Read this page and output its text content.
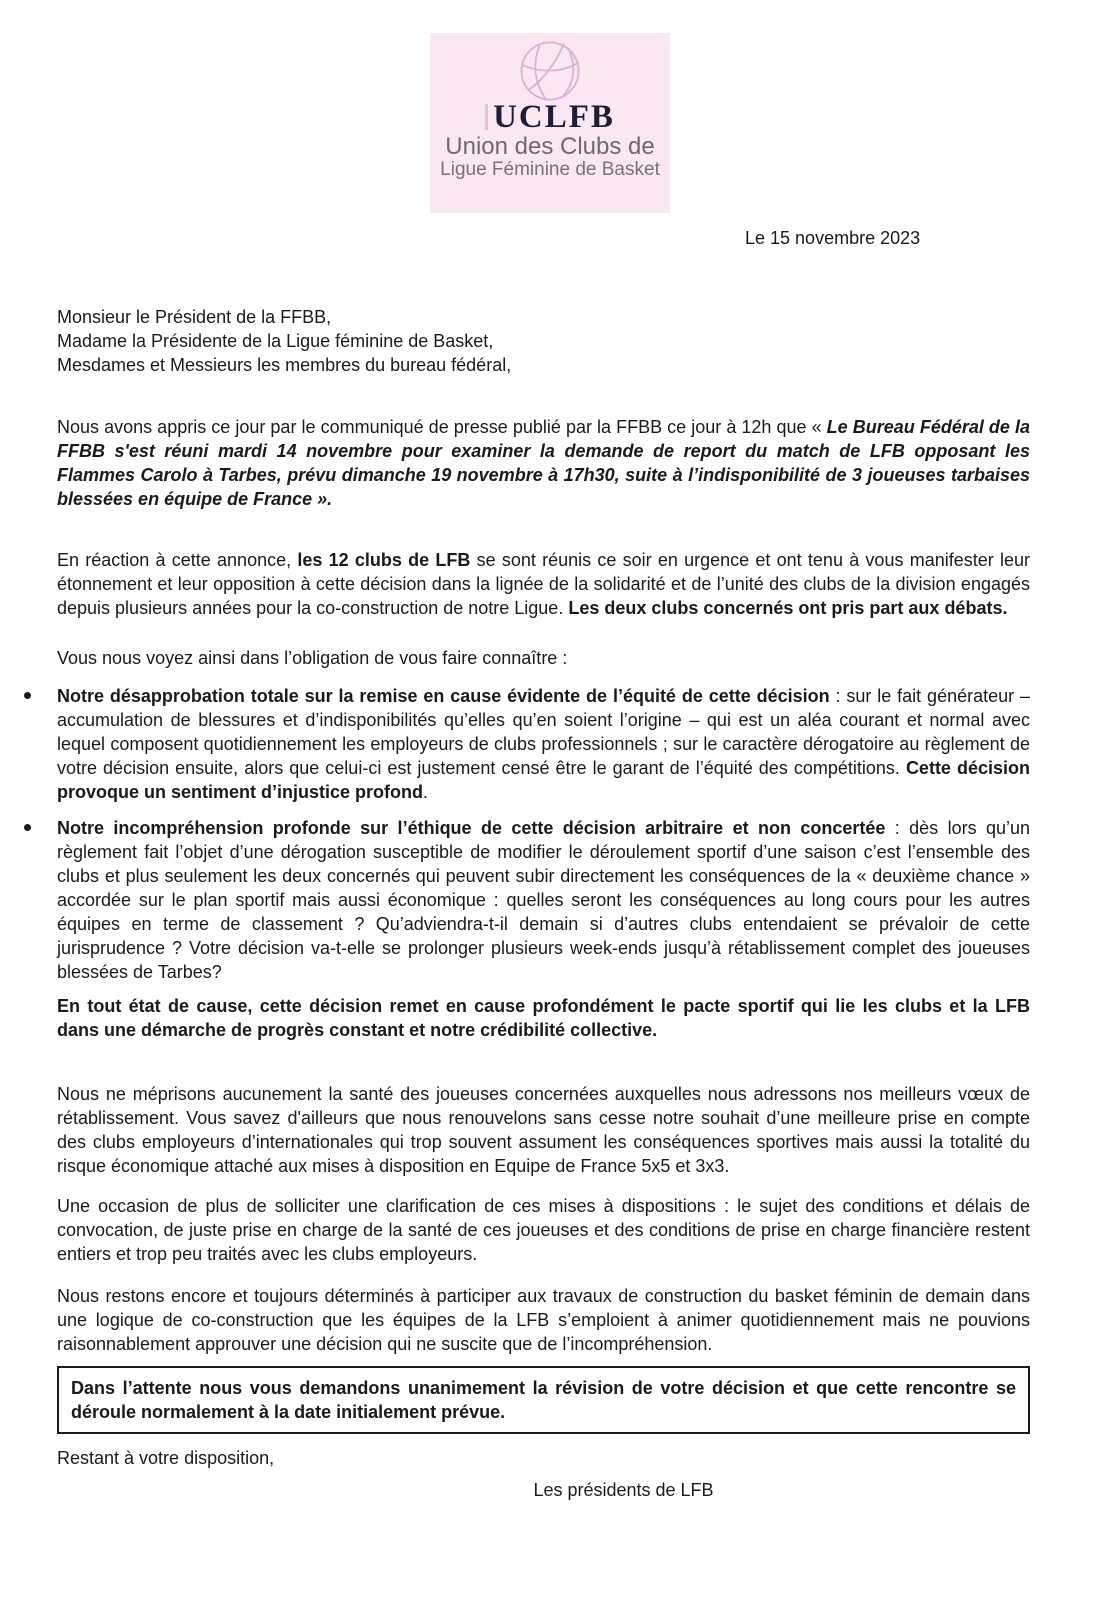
UCLFB
Union des Clubs de
Ligue Féminine de Basket
Le 15 novembre 2023
Monsieur le Président de la FFBB,
Madame la Présidente de la Ligue féminine de Basket,
Mesdames et Messieurs les membres du bureau fédéral,

Nous avons appris ce jour par le communiqué de presse publié par la FFBB ce jour à 12h que « Le Bureau Fédéral de la FFBB s'est réuni mardi 14 novembre pour examiner la demande de report du match de LFB opposant les Flammes Carolo à Tarbes, prévu dimanche 19 novembre à 17h30, suite à l’indisponibilité de 3 joueuses tarbaises blessées en équipe de France ».

En réaction à cette annonce, les 12 clubs de LFB se sont réunis ce soir en urgence et ont tenu à vous manifester leur étonnement et leur opposition à cette décision dans la lignée de la solidarité et de l’unité des clubs de la division engagés depuis plusieurs années pour la co-construction de notre Ligue. Les deux clubs concernés ont pris part aux débats.

Vous nous voyez ainsi dans l’obligation de vous faire connaître :

Notre désapprobation totale sur la remise en cause évidente de l’équité de cette décision : sur le fait générateur – accumulation de blessures et d’indisponibilités qu’elles qu’en soient l’origine – qui est un aléa courant et normal avec lequel composent quotidiennement les employeurs de clubs professionnels ; sur le caractère dérogatoire au règlement de votre décision ensuite, alors que celui-ci est justement censé être le garant de l’équité des compétitions. Cette décision provoque un sentiment d’injustice profond.
Notre incompréhension profonde sur l’éthique de cette décision arbitraire et non concertée : dès lors qu’un règlement fait l’objet d’une dérogation susceptible de modifier le déroulement sportif d’une saison c’est l’ensemble des clubs et plus seulement les deux concernés qui peuvent subir directement les conséquences de la « deuxième chance » accordée sur le plan sportif mais aussi économique : quelles seront les conséquences au long cours pour les autres équipes en terme de classement ? Qu’adviendra-t-il demain si d’autres clubs entendaient se prévaloir de cette jurisprudence ? Votre décision va-t-elle se prolonger plusieurs week-ends jusqu’à rétablissement complet des joueuses blessées de Tarbes?

En tout état de cause, cette décision remet en cause profondément le pacte sportif qui lie les clubs et la LFB dans une démarche de progrès constant et notre crédibilité collective.

Nous ne méprisons aucunement la santé des joueuses concernées auxquelles nous adressons nos meilleurs vœux de rétablissement. Vous savez d'ailleurs que nous renouvelons sans cesse notre souhait d’une meilleure prise en compte des clubs employeurs d’internationales qui trop souvent assument les conséquences sportives mais aussi la totalité du risque économique attaché aux mises à disposition en Equipe de France 5x5 et 3x3.

Une occasion de plus de solliciter une clarification de ces mises à dispositions : le sujet des conditions et délais de convocation, de juste prise en charge de la santé de ces joueuses et des conditions de prise en charge financière restent entiers et trop peu traités avec les clubs employeurs.

Nous restons encore et toujours déterminés à participer aux travaux de construction du basket féminin de demain dans une logique de co-construction que les équipes de la LFB s’emploient à animer quotidiennement mais ne pouvions raisonnablement approuver une décision qui ne suscite que de l’incompréhension.

Dans l’attente nous vous demandons unanimement la révision de votre décision et que cette rencontre se déroule normalement à la date initialement prévue.

Restant à votre disposition,

Les présidents de LFB
